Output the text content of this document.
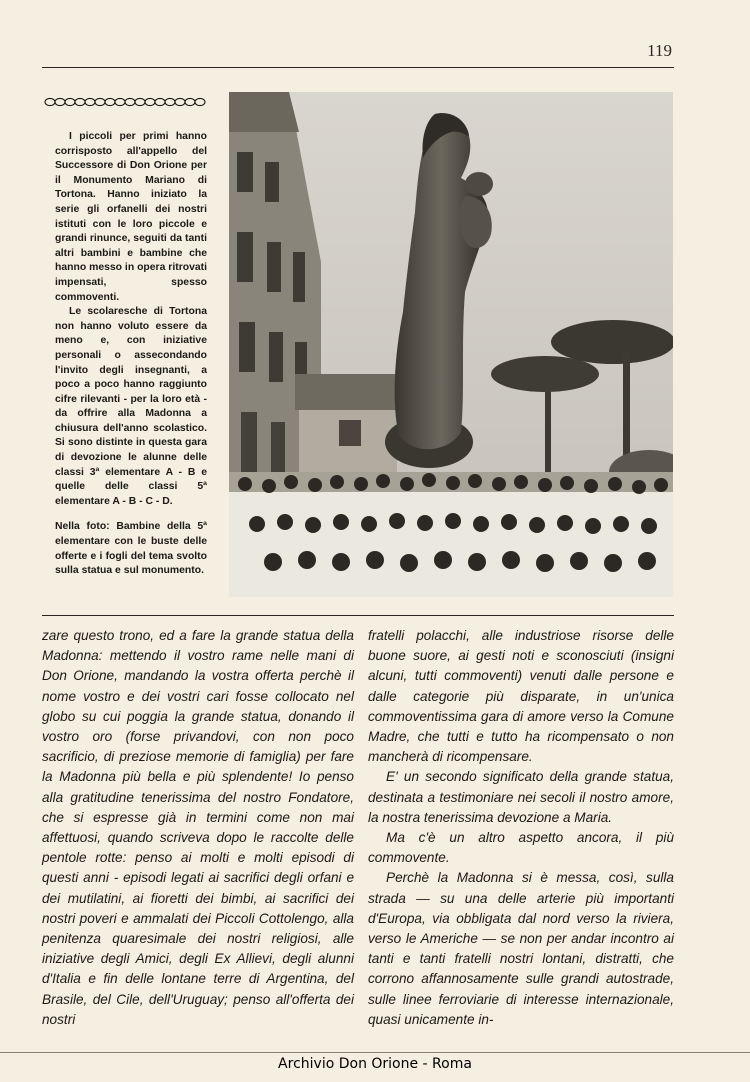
119

I piccoli per primi hanno corrisposto all'appello del Successore di Don Orione per il Monumento Mariano di Tortona. Hanno iniziato la serie gli orfanelli dei nostri istituti con le loro piccole e grandi rinunce, seguiti da tanti altri bambini e bambine che hanno messo in opera ritrovati impensati, spesso commoventi.

Le scolaresche di Tortona non hanno voluto essere da meno e, con iniziative personali o assecondando l'invito degli insegnanti, a poco a poco hanno raggiunto cifre rilevanti - per la loro età - da offrire alla Madonna a chiusura dell'anno scolastico. Si sono distinte in questa gara di devozione le alunne delle classi 3ª elementare A - B e quelle delle classi 5ª elementare A - B - C - D.

Nella foto: Bambine della 5ª elementare con le buste delle offerte e i fogli del tema svolto sulla statua e sul monumento.

zare questo trono, ed a fare la grande statua della Madonna: mettendo il vostro rame nelle mani di Don Orione, mandando la vostra offerta perchè il nome vostro e dei vostri cari fosse collocato nel globo su cui poggia la grande statua, donando il vostro oro (forse privandovi, con non poco sacrificio, di preziose memorie di famiglia) per fare la Madonna più bella e più splendente! Io penso alla gratitudine tenerissima del nostro Fondatore, che si espresse già in termini come non mai affettuosi, quando scriveva dopo le raccolte delle pentole rotte: penso ai molti e molti episodi di questi anni - episodi legati ai sacrifici degli orfani e dei mutilatini, ai fioretti dei bimbi, ai sacrifici dei nostri poveri e ammalati dei Piccoli Cottolengo, alla penitenza quaresimale dei nostri religiosi, alle iniziative degli Amici, degli Ex Allievi, degli alunni d'Italia e fin delle lontane terre di Argentina, del Brasile, del Cile, dell'Uruguay; penso all'offerta dei nostri

fratelli polacchi, alle industriose risorse delle buone suore, ai gesti noti e sconosciuti (insigni alcuni, tutti commoventi) venuti dalle persone e dalle categorie più disparate, in un'unica commoventissima gara di amore verso la Comune Madre, che tutti e tutto ha ricompensato o non mancherà di ricompensare.

E' un secondo significato della grande statua, destinata a testimoniare nei secoli il nostro amore, la nostra tenerissima devozione a Maria.

Ma c'è un altro aspetto ancora, il più commovente.

Perchè la Madonna si è messa, così, sulla strada — su una delle arterie più importanti d'Europa, via obbligata dal nord verso la riviera, verso le Americhe — se non per andar incontro ai tanti e tanti fratelli nostri lontani, distratti, che corrono affannosamente sulle grandi autostrade, sulle linee ferroviarie di interesse internazionale, quasi unicamente in-

Archivio Don Orione - Roma
